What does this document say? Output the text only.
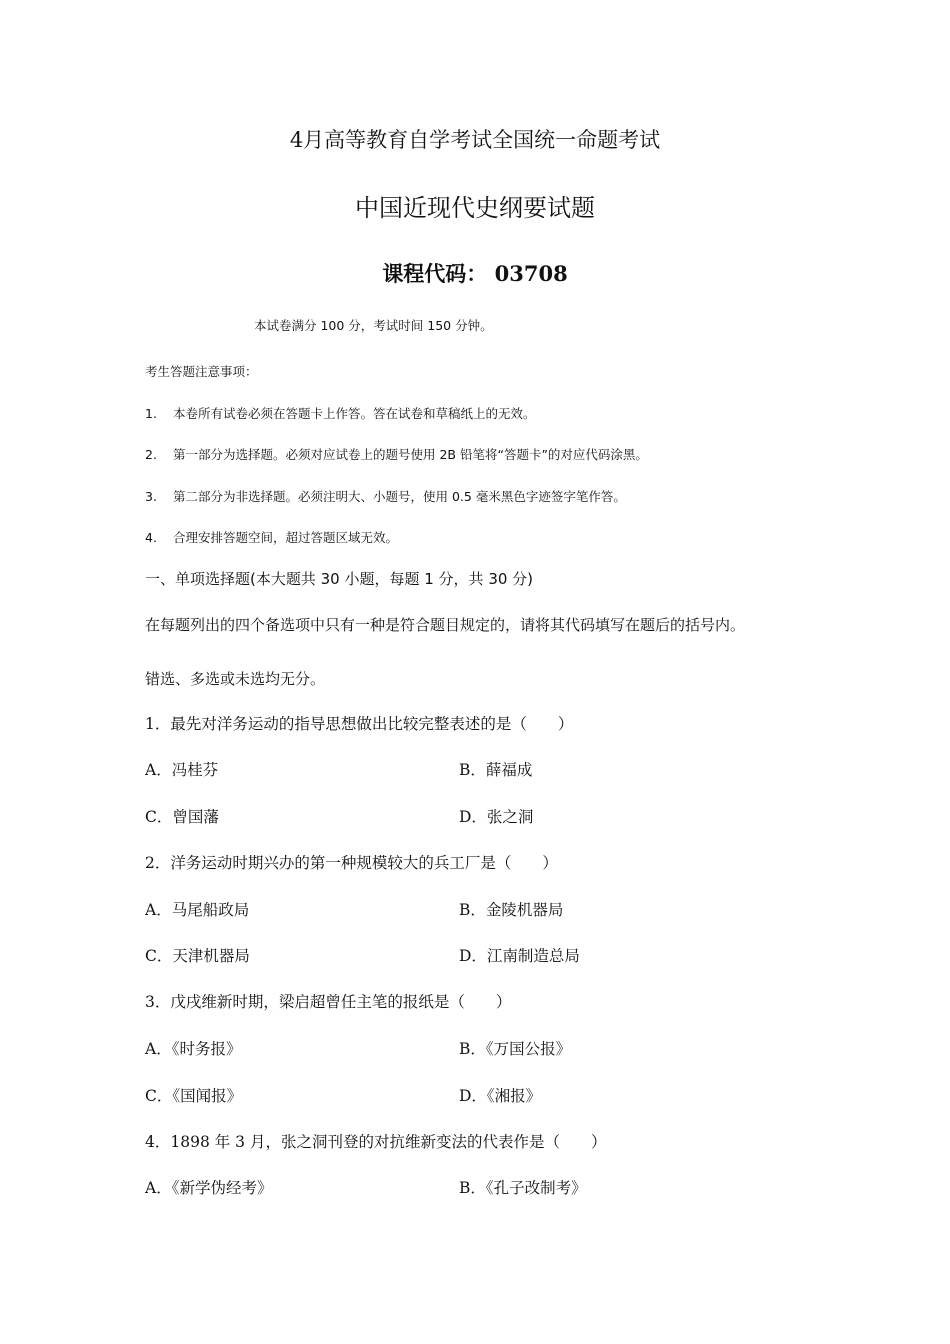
4月高等教育自学考试全国统一命题考试
中国近现代史纲要试题
课程代码： 03708
本试卷满分 100 分，考试时间 150 分钟。
考生答题注意事项：
1. 本卷所有试卷必须在答题卡上作答。答在试卷和草稿纸上的无效。
2. 第一部分为选择题。必须对应试卷上的题号使用 2B 铅笔将“答题卡”的对应代码涂黑。
3. 第二部分为非选择题。必须注明大、小题号，使用 0.5 毫米黑色字迹签字笔作答。
4. 合理安排答题空间，超过答题区域无效。
一、单项选择题(本大题共 30 小题，每题 1 分，共 30 分)
在每题列出的四个备选项中只有一种是符合题目规定的，请将其代码填写在题后的括号内。
错选、多选或未选均无分。
1．最先对洋务运动的指导思想做出比较完整表述的是（　　）
A．冯桂芬	B．薛福成
C．曾国藩	D．张之洞
2．洋务运动时期兴办的第一种规模较大的兵工厂是（　　）
A．马尾船政局	B．金陵机器局
C．天津机器局	D．江南制造总局
3．戊戌维新时期，梁启超曾任主笔的报纸是（　　）
A．《时务报》	B．《万国公报》
C．《国闻报》	D．《湘报》
4．1898 年 3 月，张之洞刊登的对抗维新变法的代表作是（　　）
A．《新学伪经考》	B．《孔子改制考》
